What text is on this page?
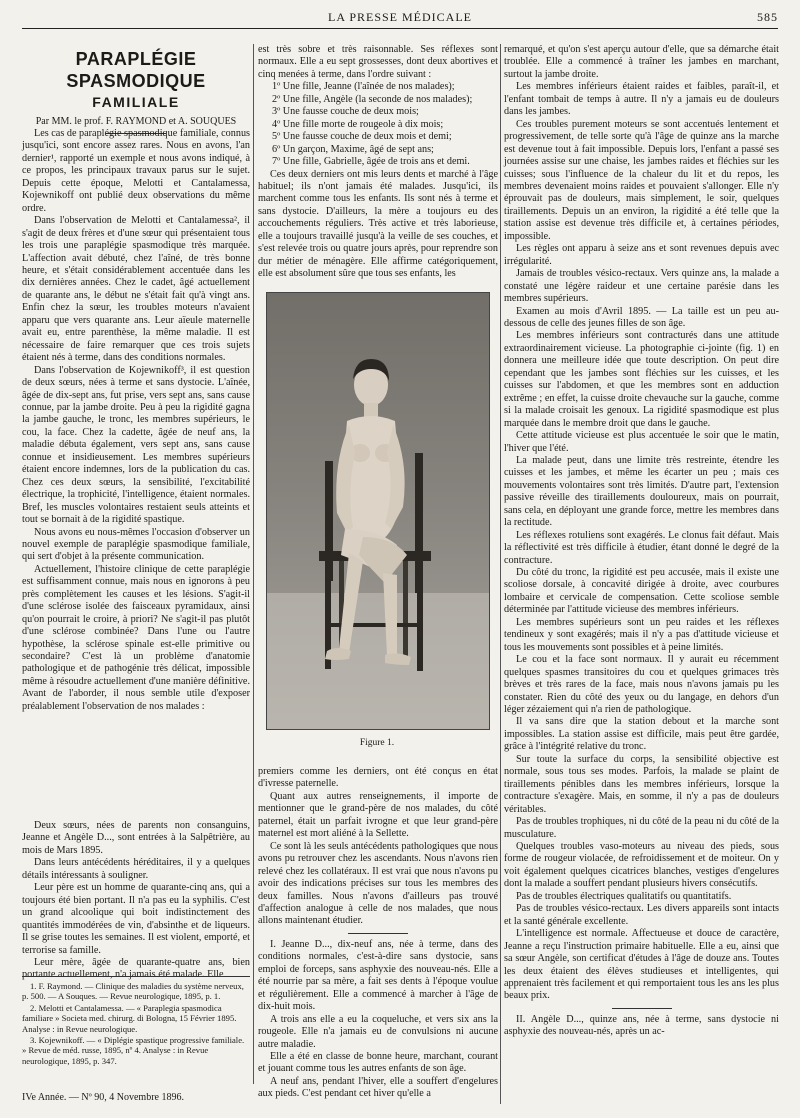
LA PRESSE MÉDICALE	585
PARAPLÉGIE SPASMODIQUE
FAMILIALE
Par MM. le prof. F. RAYMOND et A. SOUQUES

Les cas de paraplégie spasmodique familiale, connus jusqu'ici, sont encore assez rares. Nous en avons, l'an dernier¹, rapporté un exemple et nous avons indiqué, à ce propos, les principaux travaux parus sur le sujet. Depuis cette époque, Melotti et Cantalamessa, Kojewnikoff ont publié deux observations du même ordre.

Dans l'observation de Melotti et Cantalamessa², il s'agit de deux frères et d'une sœur qui présentaient tous les trois une paraplégie spasmodique très marquée. L'affection avait débuté, chez l'aîné, de très bonne heure, et s'était considérablement accentuée dans les dix dernières années. Chez le cadet, âgé actuellement de quarante ans, le début ne s'était fait qu'à vingt ans. Enfin chez la sœur, les troubles moteurs n'avaient apparu que vers quarante ans. Leur aïeule maternelle avait eu, entre parenthèse, la même maladie. Il est nécessaire de faire remarquer que ces trois sujets étaient nés à terme, dans des conditions normales.

Dans l'observation de Kojewnikoff³, il est question de deux sœurs, nées à terme et sans dystocie. L'aînée, âgée de dix-sept ans, fut prise, vers sept ans, sans cause connue, par la jambe droite. Peu à peu la rigidité gagna la jambe gauche, le tronc, les membres supérieurs, le cou, la face. Chez la cadette, âgée de neuf ans, la maladie débuta également, vers sept ans, sans cause connue et insidieusement. Les membres supérieurs étaient encore indemnes, lors de la publication du cas. Chez ces deux sœurs, la sensibilité, l'excitabilité électrique, la trophicité, l'intelligence, étaient normales. Bref, les muscles volontaires restaient seuls atteints et tout se bornait à de la rigidité spastique.

Nous avons eu nous-mêmes l'occasion d'observer un nouvel exemple de paraplégie spasmodique familiale, qui sert d'objet à la présente communication.

Actuellement, l'histoire clinique de cette paraplégie est suffisamment connue, mais nous en ignorons à peu près complètement les causes et les lésions. S'agit-il d'une sclérose isolée des faisceaux pyramidaux, ainsi qu'on pourrait le croire, à priori? Ne s'agit-il pas plutôt d'une sclérose combinée? Dans l'une ou l'autre hypothèse, la sclérose spinale est-elle primitive ou secondaire? C'est là un problème d'anatomie pathologique et de pathogénie très délicat, impossible même à résoudre actuellement d'une manière définitive. Avant de l'aborder, il nous semble utile d'exposer préalablement l'observation de nos malades :

Deux sœurs, nées de parents non consanguins, Jeanne et Angèle D..., sont entrées à la Salpêtrière, au mois de Mars 1895.

Dans leurs antécédents héréditaires, il y a quelques détails intéressants à souligner.

Leur père est un homme de quarante-cinq ans, qui a toujours été bien portant. Il n'a pas eu la syphilis. C'est un grand alcoolique qui boit indistinctement des quantités immodérées de vin, d'absinthe et de liqueurs. Il se grise toutes les semaines. Il est violent, emporté, et terrorise sa famille.

Leur mère, âgée de quarante-quatre ans, bien portante actuellement, n'a jamais été malade. Elle

1. F. Raymond. — Clinique des maladies du système nerveux, p. 500. — A Souques. — Revue neurologique, 1895, p. 1.

2. Melotti et Cantalamessa. — « Paraplegia spasmodica familiare » Societa med. chirurg. di Bologna, 15 Février 1895. Analyse : in Revue neurologique.

3. Kojewnikoff. — « Diplégie spastique progressive familiale. » Revue de méd. russe, 1895, nº 4. Analyse : in Revue neurologique, 1895, p. 347.

IVe Année. — Nº 90, 4 Novembre 1896.

est très sobre et très raisonnable. Ses réflexes sont normaux. Elle a eu sept grossesses, dont deux abortives et cinq menées à terme, dans l'ordre suivant :

1º Une fille, Jeanne (l'aînée de nos malades);

2º Une fille, Angèle (la seconde de nos malades);

3º Une fausse couche de deux mois;

4º Une fille morte de rougeole à dix mois;

5º Une fausse couche de deux mois et demi;

6º Un garçon, Maxime, âgé de sept ans;

7º Une fille, Gabrielle, âgée de trois ans et demi.

Ces deux derniers ont mis leurs dents et marché à l'âge habituel; ils n'ont jamais été malades. Jusqu'ici, ils marchent comme tous les enfants. Ils sont nés à terme et sans dystocie. D'ailleurs, la mère a toujours eu des accouchements réguliers. Très active et très laborieuse, elle a toujours travaillé jusqu'à la veille de ses couches, et s'est relevée trois ou quatre jours après, pour reprendre son dur métier de ménagère. Elle affirme catégoriquement, elle est absolument sûre que tous ses enfants, les

Figure 1.

premiers comme les derniers, ont été conçus en état d'ivresse paternelle.

Quant aux autres renseignements, il importe de mentionner que le grand-père de nos malades, du côté paternel, était un parfait ivrogne et que leur grand-père maternel est mort aliéné à la Sellette.

Ce sont là les seuls antécédents pathologiques que nous avons pu retrouver chez les ascendants. Nous n'avons rien relevé chez les collatéraux. Il est vrai que nous n'avons pu avoir des indications précises sur tous les membres des deux familles. Nous n'avons d'ailleurs pas trouvé d'affection analogue à celle de nos malades, que nous allons maintenant étudier.

I. Jeanne D..., dix-neuf ans, née à terme, dans des conditions normales, c'est-à-dire sans dystocie, sans emploi de forceps, sans asphyxie des nouveau-nés. Elle a été nourrie par sa mère, a fait ses dents à l'époque voulue et régulièrement. Elle a commencé à marcher à l'âge de dix-huit mois.

A trois ans elle a eu la coqueluche, et vers six ans la rougeole. Elle n'a jamais eu de convulsions ni aucune autre maladie.

Elle a été en classe de bonne heure, marchant, courant et jouant comme tous les autres enfants de son âge.

A neuf ans, pendant l'hiver, elle a souffert d'engelures aux pieds. C'est pendant cet hiver qu'elle a

remarqué, et qu'on s'est aperçu autour d'elle, que sa démarche était troublée. Elle a commencé à traîner les jambes en marchant, surtout la jambe droite.

Les membres inférieurs étaient raides et faibles, paraît-il, et l'enfant tombait de temps à autre. Il n'y a jamais eu de douleurs dans les jambes.

Ces troubles purement moteurs se sont accentués lentement et progressivement, de telle sorte qu'à l'âge de quinze ans la marche est devenue tout à fait impossible. Depuis lors, l'enfant a passé ses journées assise sur une chaise, les jambes raides et fléchies sur les cuisses; sous l'influence de la chaleur du lit et du repos, les membres devenaient moins raides et pouvaient s'allonger. Elle n'y éprouvait pas de douleurs, mais simplement, le soir, quelques tiraillements. Depuis un an environ, la rigidité a été telle que la station assise est devenue très difficile et, à certaines périodes, impossible.

Les règles ont apparu à seize ans et sont revenues depuis avec irrégularité.

Jamais de troubles vésico-rectaux. Vers quinze ans, la malade a constaté une légère raideur et une certaine parésie dans les membres supérieurs.

Examen au mois d'Avril 1895. — La taille est un peu au-dessous de celle des jeunes filles de son âge.

Les membres inférieurs sont contracturés dans une attitude extraordinairement vicieuse. La photographie ci-jointe (fig. 1) en donnera une meilleure idée que toute description. On peut dire cependant que les jambes sont fléchies sur les cuisses, et les cuisses sur l'abdomen, et que les membres sont en adduction extrême ; en effet, la cuisse droite chevauche sur la gauche, comme si la malade croisait les genoux. La rigidité spasmodique est plus marquée dans le membre droit que dans le gauche.

Cette attitude vicieuse est plus accentuée le soir que le matin, l'hiver que l'été.

La malade peut, dans une limite très restreinte, étendre les cuisses et les jambes, et même les écarter un peu ; mais ces mouvements volontaires sont très limités. D'autre part, l'extension passive réveille des tiraillements douloureux, mais on pourrait, sans cela, en déployant une grande force, mettre les membres dans la rectitude.

Les réflexes rotuliens sont exagérés. Le clonus fait défaut. Mais la réflectivité est très difficile à étudier, étant donné le degré de la contracture.

Du côté du tronc, la rigidité est peu accusée, mais il existe une scoliose dorsale, à concavité dirigée à droite, avec courbures lombaire et cervicale de compensation. Cette scoliose semble déterminée par l'attitude vicieuse des membres inférieurs.

Les membres supérieurs sont un peu raides et les réflexes tendineux y sont exagérés; mais il n'y a pas d'attitude vicieuse et tous les mouvements sont possibles et à peine limités.

Le cou et la face sont normaux. Il y aurait eu récemment quelques spasmes transitoires du cou et quelques grimaces très brèves et très rares de la face, mais nous n'avons jamais pu les constater. Rien du côté des yeux ou du langage, en dehors d'un léger zézaiement qui n'a rien de pathologique.

Il va sans dire que la station debout et la marche sont impossibles. La station assise est difficile, mais peut être gardée, grâce à l'intégrité relative du tronc.

Sur toute la surface du corps, la sensibilité objective est normale, sous tous ses modes. Parfois, la malade se plaint de tiraillements pénibles dans les membres inférieurs, lorsque la contracture s'exagère. Mais, en somme, il n'y a pas de douleurs véritables.

Pas de troubles trophiques, ni du côté de la peau ni du côté de la musculature.

Quelques troubles vaso-moteurs au niveau des pieds, sous forme de rougeur violacée, de refroidissement et de moiteur. On y voit également quelques cicatrices blanches, vestiges d'engelures dont la malade a souffert pendant plusieurs hivers consécutifs.

Pas de troubles électriques qualitatifs ou quantitatifs.

Pas de troubles vésico-rectaux. Les divers appareils sont intacts et la santé générale excellente.

L'intelligence est normale. Affectueuse et douce de caractère, Jeanne a reçu l'instruction primaire habituelle. Elle a eu, ainsi que sa sœur Angèle, son certificat d'études à l'âge de douze ans. Toutes les deux étaient des élèves studieuses et intelligentes, qui apprenaient très facilement et qui remportaient tous les ans les plus beaux prix.

II. Angèle D..., quinze ans, née à terme, sans dystocie ni asphyxie des nouveau-nés, après un ac-
